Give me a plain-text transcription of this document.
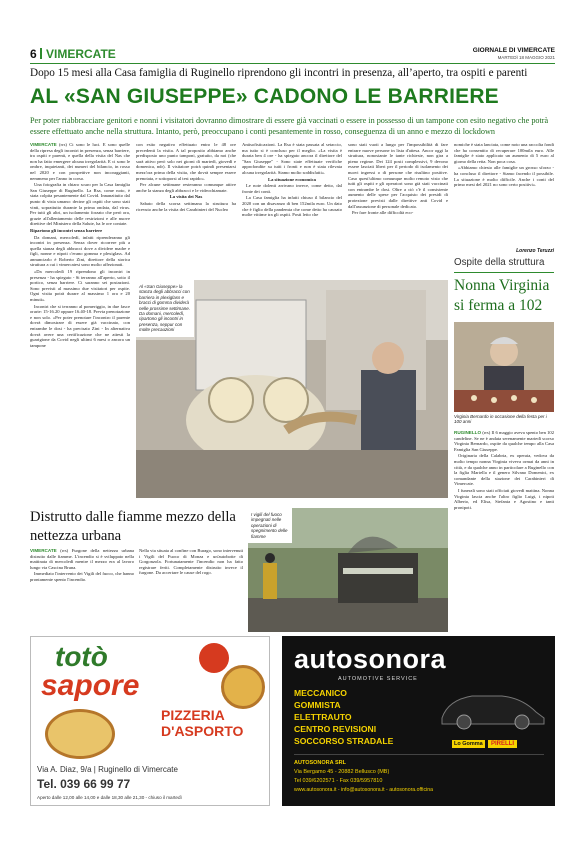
6 VIMERCATE	GIORNALE DI VIMERCATE
MARTEDÌ 18 MAGGIO 2021
Dopo 15 mesi alla Casa famiglia di Ruginello riprendono gli incontri in presenza, all’aperto, tra ospiti e parenti
AL «SAN GIUSEPPE» CADONO LE BARRIERE
Per poter riabbracciare genitori e nonni i visitatori dovranno dimostrare di essere già vaccinati o essere in possesso di un tampone con esito negativo che potrà essere effettuato anche nella struttura. Intanto, però, preoccupano i conti pesantemente in rosso, conseguenza di un anno e mezzo di lockdown

VIMERCATE (rrs) Ci sono le luci. E sono quelle della ripresa degli incontri in presenza, senza barriere, tra ospiti e parenti, e quella della visita del Nas che non ha fatto emergere alcuna irregolarità. E ci sono le ombre, inquietanti, dei numeri del bilancio, in rosso nel 2020 e con prospettive non incoraggianti, nemmeno per l'anno in corso.

Una fotografia in chiaro scuro per la Casa famiglia San Giuseppe di Ruginello. La Rsa, come noto, è stata colpita pesantemente dal Covid. Innanzitutto dal punto di vista umano: decine gli ospiti che sono stati vinti, soprattutto durante la prima ondata, dal virus. Per tutti gli altri, un isolamento forzato che però ora, grazie all'allentamento delle restrizioni e alle nuove direttive del Ministero della Salute, ha le ore contate.

Ripartono gli incontri senza barriere

Da domani, mercoledì, infatti riprenderanno gli incontri in presenza. Senza dover ricorrere più a quella stanza degli abbracci dove a dividere madre e figli, nonne e nipoti c'erano gomma e plexiglass. Ad annunciarlo è Roberto Zini, direttore della storica struttura a cui i vimercatesi sono molto affezionati.

«Da mercoledì 19 riprendono gli incontri in presenza - ha spiegato - Si terranno all'aperto, sotto il portico, senza barriere. Ci saranno sei postazioni. Sono previsti al massimo due visitatori per ospite. Ogni visita potrà durare al massimo 1 ora e 20 minuti».

Incontri che si terranno al pomeriggio, in due fasce orarie: 15-16.20 oppure 16.40-18. Previa prenotazione e non solo. «Per poter prenotare l'incontro il parente dovrà dimostrare di essere già vaccinato, con entrambe le dosi - ha precisato Zini - In alternativa dovrà avere una certificazione che ne attesti la guarigione da Covid negli ultimi 6 mesi o ancora un tampone

con esito negativo effettuato entro le 48 ore precedenti la visita. A tal proposito abbiamo anche predisposto uno punto tamponi, gratuito, da noi (che sarà attivo però solo nei giorni di martedì, giovedì e domenica, ndr). Il visitatore potrà quindi presentarsi mezz'ora prima della visita, che dovrà sempre essere prenotata, e sottoporsi al test rapido».

Per alcune settimane resteranno comunque attive anche la stanza degli abbracci e le videochiamate.

La visita dei Nas

Sabato della scorsa settimana la struttura ha ricevuto anche la visita dei Carabinieri del Nucleo

Antisofisticazioni. La Rsa è stata passata al setaccio, ma tutto si è concluso per il meglio. «La visita è durata ben 4 ore - ha spiegato ancora il direttore del "San Giuseppe" - Sono state effettuate verifiche approfondite su tutti i fronti e non è stata rilevata alcuna irregolarità. Siamo molto soddisfatti».

La situazione economica

Le note dolenti arrivano invece, come detto, dal fronte dei conti.

La Casa famiglia ha infatti chiuso il bilancio del 2020 con un disavanzo di ben 152mila euro. Un dato che è figlio della pandemia che come detto ha causato molte vittime tra gli ospiti. Posti letto che

sono stati vuoti a lungo per l'impossibilità di fare entrare nuove persone in lista d'attesa. Ancor oggi la struttura, nonostante le tante richieste, non gira a pieno regime. Dei 124 posti complessivi, 9 devono essere lasciati liberi per il periodo di isolamento dei nuovi ingressi o di persone che risultino positive. Caso quest'ultimo comunque molto remoto visto che tutti gli ospiti e gli operatori sono già stati vaccinati con entrambe le dosi. Oltre a ciò c'è il consistente aumento delle spese per l'acquisto dei presidi di protezione previsti dalle direttive anti Covid e dall'assunzione di personale dedicato.

Per fare fronte alle difficoltà eco-

nomiche è stata lanciata, come noto una raccolta fondi che ha consentito di recuperare 100mila euro. Alle famiglie è stato applicato un aumento di 5 euro al giorno della retta. Non poca cosa.

«Abbiamo chiesto alle famiglie un grosso sforzo - ha concluso il direttore - Siamo facendo il possibile. La situazione è molto difficile. Anche i conti del primo mesi del 2021 no sono certo positivi».

Lorenzo Teruzzi
Al «San Giuseppe» la stanza degli abbracci con barriera in plexiglass e bracci di gomma dividerà nelle prossime settimane. Da domani, mercoledì, ripartono gli incontri in presenza, seppur con molte precauzioni
Ospite della struttura
Nonna Virginia si ferma a 102
Virginia Bernardo in occasione della festa per i 100 anni

RUGINELLO (rrs) Il 6 maggio aveva spento ben 102 candeline. Se ne è andata serenamente martedì scorso Virginia Bernardo, ospite da qualche tempo alla Casa Famiglia San Giuseppe.

Originaria della Calabria, ex operaia, vedova da molto tempo nonna Virginia viveva ormai da anni in città, e da qualche anno in particolare a Ruginello con la figlia Mariella e il genero Silvano Domenici, ex comandante della stazione dei Carabinieri di Vimercate.

I funerali sono stati officiati giovedì mattina. Nonna Virginia lascia anche l'altro figlio Luigi, i nipoti Alberto, ed Elisa, Stefania e Agostino e tanti pronipoti.

Distrutto dalle fiamme mezzo della nettezza urbana

VIMERCATE (rrs) Furgone della nettezza urbana distrutto dalle fiamme. L'incendio si è sviluppato nella mattinata di mercoledì mentre il mezzo era al lavoro lungo via Cascina Bruna.

Immediato l'intervento dei Vigili del fuoco, che hanno prontamente spento l'incendio.

Nella via situata al confine con Burago, sono intervenuti i Vigili del Fuoco di Monza e un'autobotte di Gorgonzola. Fortunatamente l'incendio non ha fatto registrare feriti. Completamente distrutto invece il furgone. Da accertare le cause del rogo.

I vigili del fuoco impegnati nelle operazioni di spegnimento delle fiamme
totò
sapore
PIZZERIA
D'ASPORTO
Via A. Diaz, 9/a | Ruginello di Vimercate
Tel. 039 66 99 77
Aperto dalle 12,00 alle 14,00 e dalle 18,30 alle 21,30 - chiuso il martedì
autosonora
AUTOMOTIVE SERVICE
MECCANICO
GOMMISTA
ELETTRAUTO
CENTRO REVISIONI
SOCCORSO STRADALE	Lo Gomma	PIRELLI
AUTOSONORA SRL
Via Bergamo 45 - 20882 Bellusco (MB)
Tel 039/6202571 - Fax 039/5957810
www.autosonora.it - info@autosonora.it - autosonora.officina
